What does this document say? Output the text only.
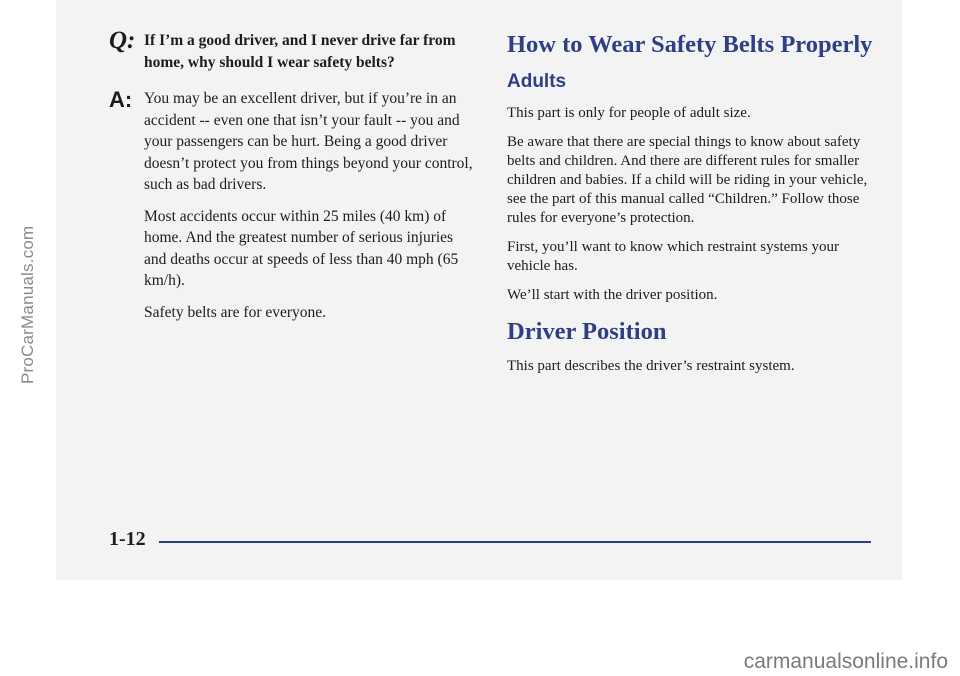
ProCarManuals.com
Q: If I’m a good driver, and I never drive far from home, why should I wear safety belts?
A: You may be an excellent driver, but if you’re in an accident -- even one that isn’t your fault -- you and your passengers can be hurt. Being a good driver doesn’t protect you from things beyond your control, such as bad drivers.

Most accidents occur within 25 miles (40 km) of home. And the greatest number of serious injuries and deaths occur at speeds of less than 40 mph (65 km/h).

Safety belts are for everyone.

How to Wear Safety Belts Properly
Adults

This part is only for people of adult size.

Be aware that there are special things to know about safety belts and children. And there are different rules for smaller children and babies. If a child will be riding in your vehicle, see the part of this manual called “Children.” Follow those rules for everyone’s protection.

First, you’ll want to know which restraint systems your vehicle has.

We’ll start with the driver position.

Driver Position

This part describes the driver’s restraint system.

1-12
carmanualsonline.info
